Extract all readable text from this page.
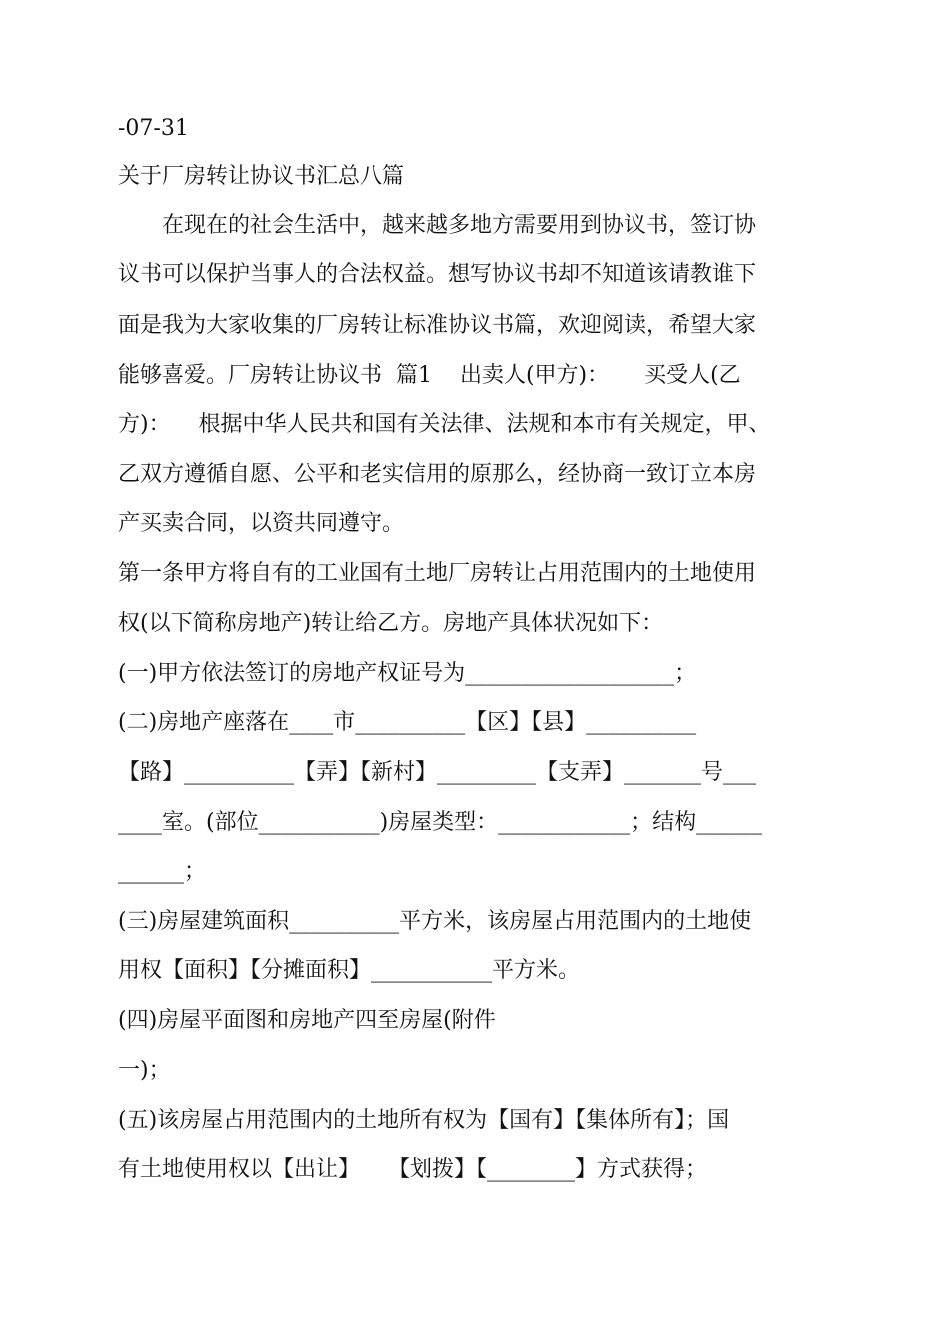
-07-31
关于厂房转让协议书汇总八篇
　　在现在的社会生活中，越来越多地方需要用到协议书，签订协
议书可以保护当事人的合法权益。想写协议书却不知道该请教谁下
面是我为大家收集的厂房转让标准协议书篇，欢迎阅读，希望大家
能够喜爱。厂房转让协议书  篇1    出卖人(甲方)：     买受人(乙
方)：    根据中华人民共和国有关法律、法规和本市有关规定，甲、
乙双方遵循自愿、公平和老实信用的原那么，经协商一致订立本房
产买卖合同，以资共同遵守。
第一条甲方将自有的工业国有土地厂房转让占用范围内的土地使用
权(以下简称房地产)转让给乙方。房地产具体状况如下：
(一)甲方依法签订的房地产权证号为___________________；
(二)房地产座落在____市__________【区】【县】__________
【路】__________【弄】【新村】_________【支弄】_______号___
____室。(部位___________)房屋类型：____________；结构______
______；
(三)房屋建筑面积__________平方米，该房屋占用范围内的土地使
用权【面积】【分摊面积】___________平方米。
(四)房屋平面图和房地产四至房屋(附件
一)；
(五)该房屋占用范围内的土地所有权为【国有】【集体所有】；国
有土地使用权以【出让】    【划拨】【________】方式获得；
